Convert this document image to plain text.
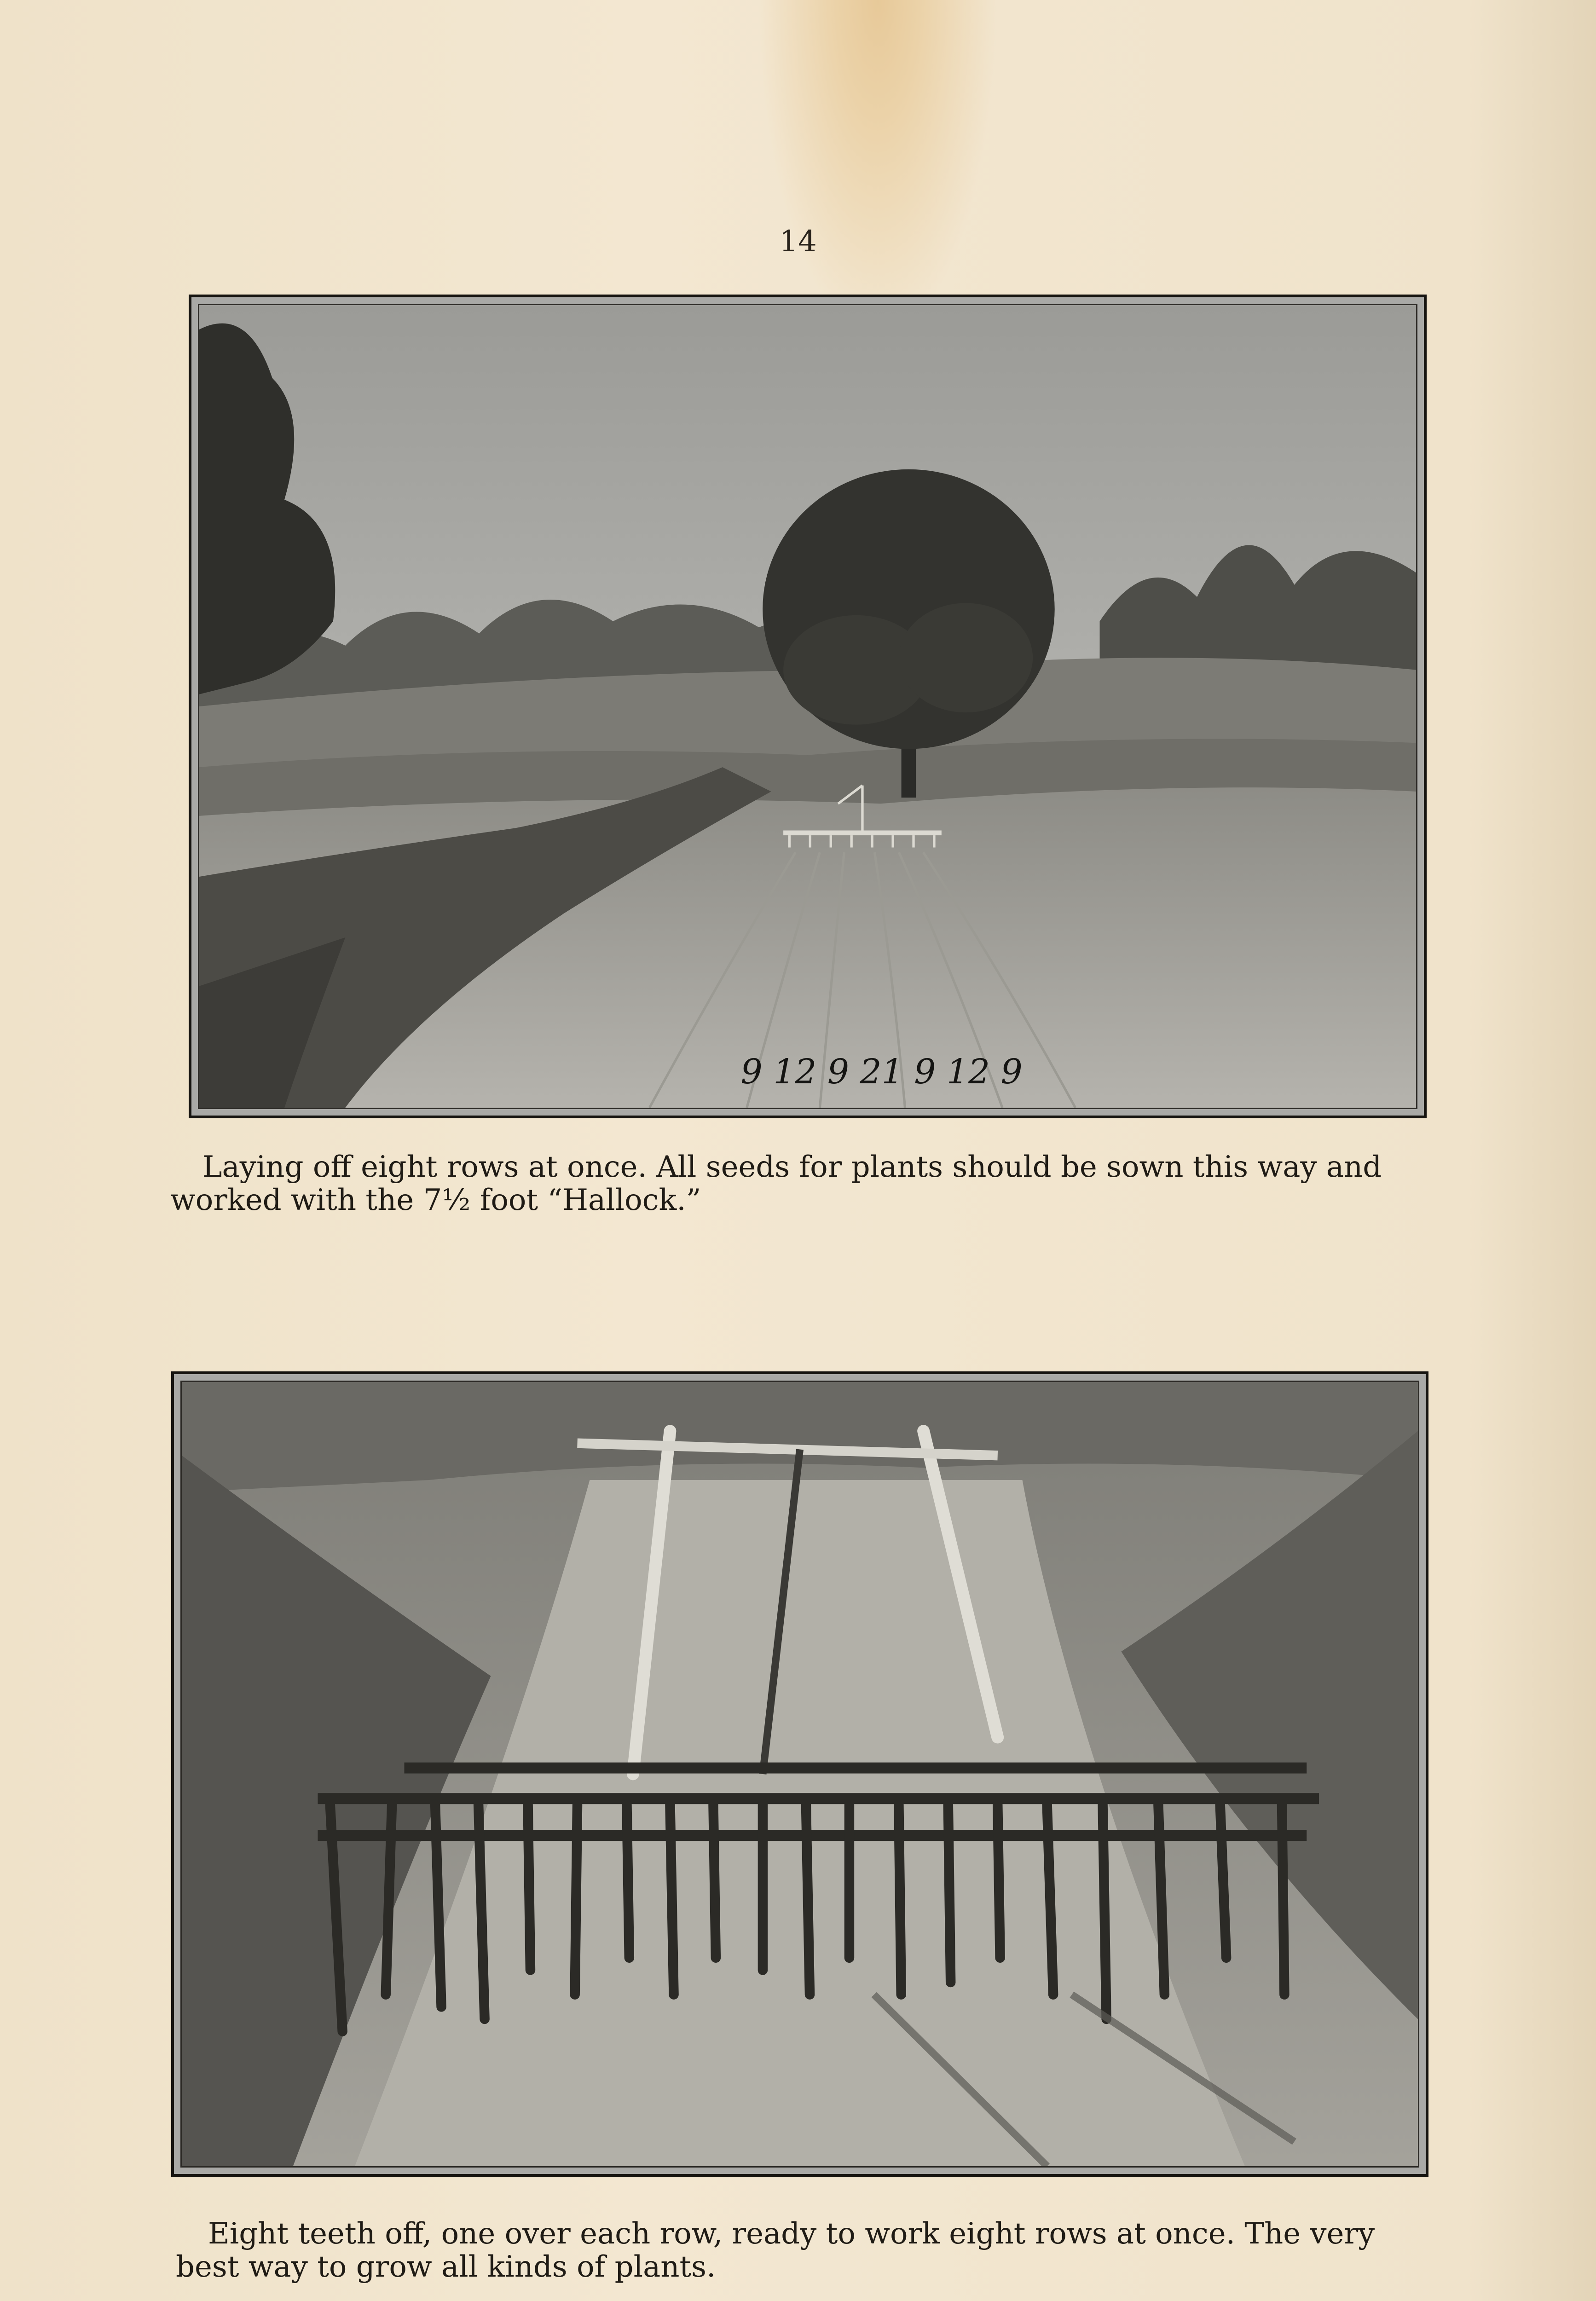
14
9 12 9 21 9 12 9
Laying off eight rows at once. All seeds for plants should be sown this way and
worked with the 7½ foot “Hallock.”
Eight teeth off, one over each row, ready to work eight rows at once. The very
best way to grow all kinds of plants.
